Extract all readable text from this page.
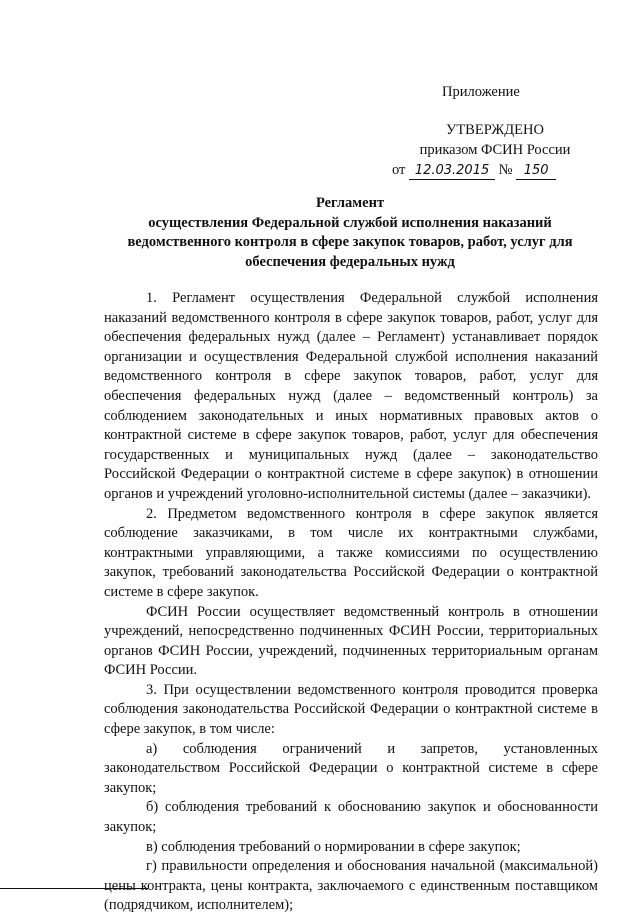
Приложение
УТВЕРЖДЕНО
приказом ФСИН России
от 12.03.2015 № 150
Регламент
осуществления Федеральной службой исполнения наказаний ведомственного контроля в сфере закупок товаров, работ, услуг для обеспечения федеральных нужд

1. Регламент осуществления Федеральной службой исполнения наказаний ведомственного контроля в сфере закупок товаров, работ, услуг для обеспечения федеральных нужд (далее – Регламент) устанавливает порядок организации и осуществления Федеральной службой исполнения наказаний ведомственного контроля в сфере закупок товаров, работ, услуг для обеспечения федеральных нужд (далее – ведомственный контроль) за соблюдением законодательных и иных нормативных правовых актов о контрактной системе в сфере закупок товаров, работ, услуг для обеспечения государственных и муниципальных нужд (далее – законодательство Российской Федерации о контрактной системе в сфере закупок) в отношении органов и учреждений уголовно-исполнительной системы (далее – заказчики).

2. Предметом ведомственного контроля в сфере закупок является соблюдение заказчиками, в том числе их контрактными службами, контрактными управляющими, а также комиссиями по осуществлению закупок, требований законодательства Российской Федерации о контрактной системе в сфере закупок.

ФСИН России осуществляет ведомственный контроль в отношении учреждений, непосредственно подчиненных ФСИН России, территориальных органов ФСИН России, учреждений, подчиненных территориальным органам ФСИН России.

3. При осуществлении ведомственного контроля проводится проверка соблюдения законодательства Российской Федерации о контрактной системе в сфере закупок, в том числе:

а) соблюдения ограничений и запретов, установленных законодательством Российской Федерации о контрактной системе в сфере закупок;

б) соблюдения требований к обоснованию закупок и обоснованности закупок;

в) соблюдения требований о нормировании в сфере закупок;

г) правильности определения и обоснования начальной (максимальной) цены контракта, цены контракта, заключаемого с единственным поставщиком (подрядчиком, исполнителем);
